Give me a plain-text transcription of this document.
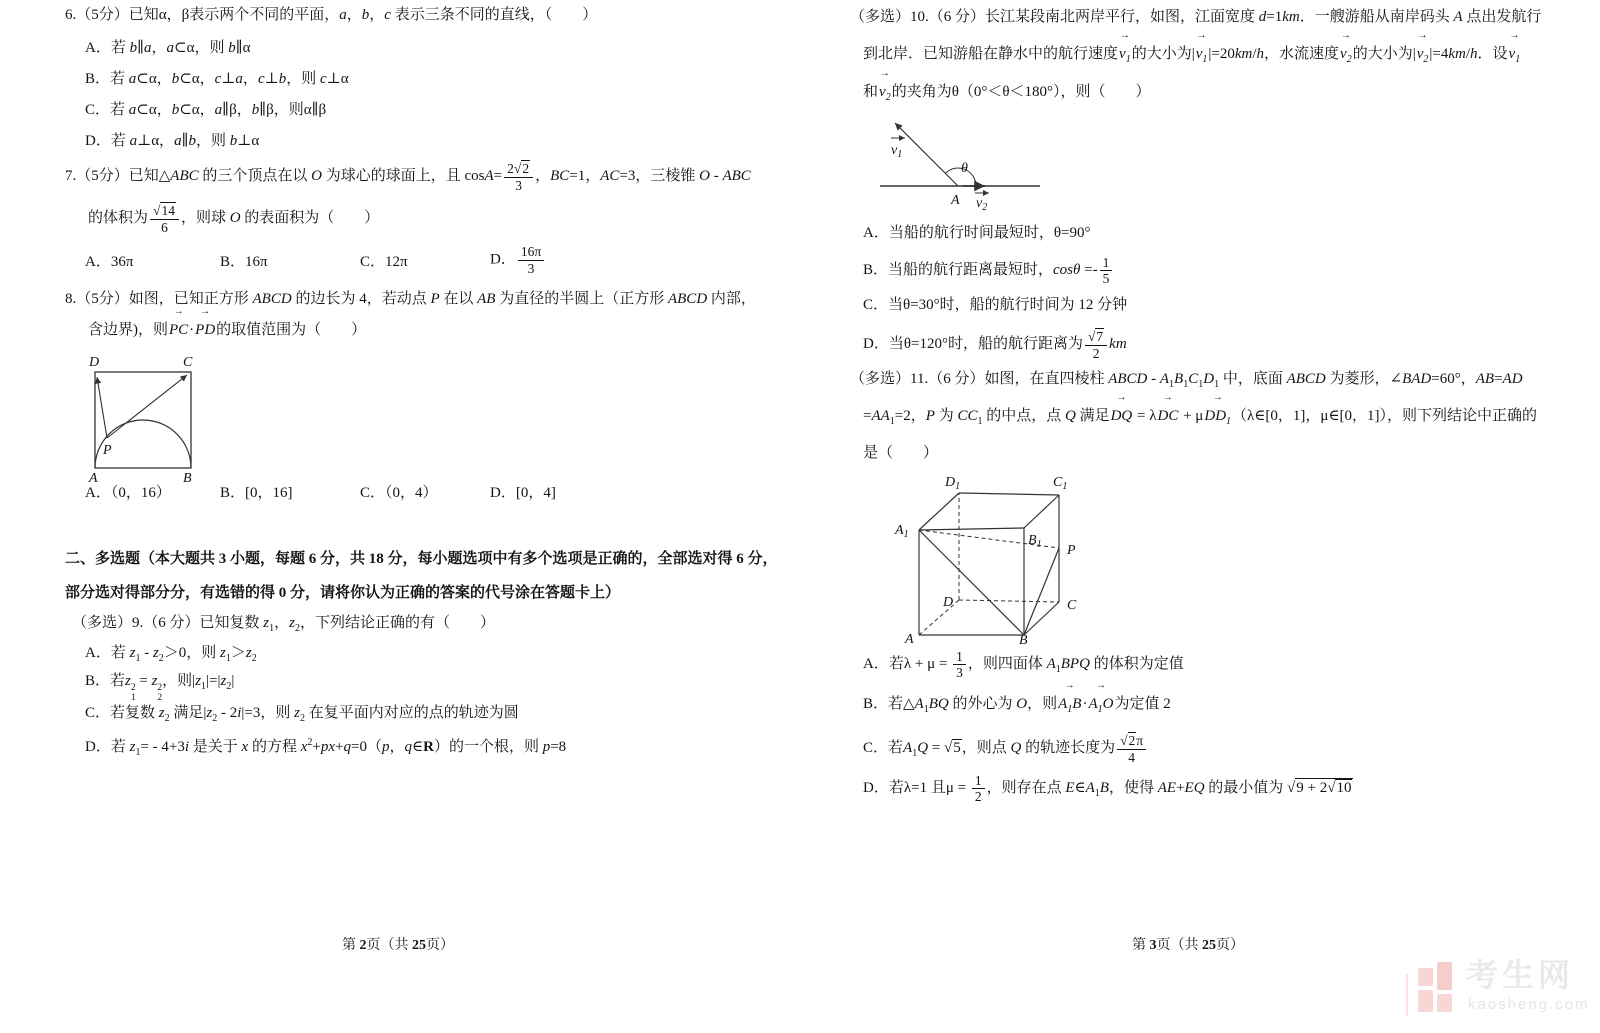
6.（5分）已知α，β表示两个不同的平面，a，b，c 表示三条不同的直线，（　　）
A．若 b∥a，a⊂α，则 b∥α
B．若 a⊂α，b⊂α，c⊥a，c⊥b，则 c⊥α
C．若 a⊂α，b⊂α，a∥β，b∥β，则α∥β
D．若 a⊥α，a∥b，则 b⊥α
7.（5分）已知△ABC 的三个顶点在以 O 为球心的球面上，且 $\cos A= \frac{2√2}{3}$ ，BC=1，AC=3，三棱锥 O - ABC
的体积为 $\frac{√14}{6}$ ，则球 O 的表面积为（　　）
A．36π	B．16π	C．12π	D． $\frac{16\pi}{3}$
8.（5分）如图，已知正方形 ABCD 的边长为 4，若动点 P 在以 AB 为直径的半圆上（正方形 ABCD 内部，
含边界)，则
→
PC·
→
PD的取值范围为（　　）
D	C
A	B
P
A．（0，16）	B．[0，16]	C．（0，4）	D．[0，4]
二、多选题（本大题共 3 小题，每题 6 分，共 18 分，每小题选项中有多个选项是正确的，全部选对得 6 分，
部分选对得部分分，有选错的得 0 分，请将你认为正确的答案的代号涂在答题卡上）
（多选）9.（6 分）已知复数 $z_1$，$z_2$，下列结论正确的有（　　）
A．若 $z_1 - z_2>0$，则 $z_1>z_2$
B．若z 2
1
= z 2
2
，则$|z_1|=|z_2|$
C．若复数 $z_2$ 满足$|z_2 - 2i|=3$，则 $z_2$ 在复平面内对应的点的轨迹为圆
D．若 $z_1= - 4+3i$ 是关于 x 的方程 $x^2+px+q=0(p$，q∈R）的一个根，则 p=8
（多选）10.（6 分）长江某段南北两岸平行，如图，江面宽度 d=1km．一艘游船从南岸码头 A 点出发航行
到北岸．已知游船在静水中的航行速度
→
$v_1$的大小为|
→
$v_1|=20km/h$，水流速度
→
$v_2$的大小为|
→
$v_2|=4km/h$．设
→
$v_1$
和
→
$v_2$的夹角为θ（0°＜θ＜180°），则（　　）
$v_1$
θ
A $v_2$
A．当船的航行时间最短时，θ=90°
B．当船的航行距离最短时，$\cos\theta =- \frac{1}{5}$
C．当θ=30°时，船的航行时间为 12 分钟
D．当θ=120°时，船的航行距离为 $\frac{√7}{2}$ km
（多选）11.（6 分）如图，在直四棱柱 ABCD - $A_1B_1C_1D_1$ 中，底面 ABCD 为菱形，∠BAD=60°，AB=AD
$=AA_1=2$，P 为 $CC_1$ 的中点，点 Q 满足
→
DQ = λ
→
DC + μ
→
$DD_1(\lambda\in[0$，1]，μ∈[0，1]），则下列结论中正确的
是（　　）
$D_1$	$C_1$
$A_1$	$B_1$ P
D	C
A	B
A．若$\lambda + \mu = \frac{1}{3}$ ，则四面体 $A_1BPQ$ 的体积为定值
B．若$\triangle A_1BQ$ 的外心为 O，则
→
$A_1B\cdot$
→
$A_1O$为定值 2
C．若$A_1Q = √5$，则点 Q 的轨迹长度为 $\frac{√2\pi}{4}$
D．若λ=1 且$\mu = \frac{1}{2}$ ，则存在点 $E\in A_1B$，使得 AE+EQ 的最小值为 √9 + 2√10
第 2页（共 25页）	第 3页（共 25页）
考生网
kaosheng.com
